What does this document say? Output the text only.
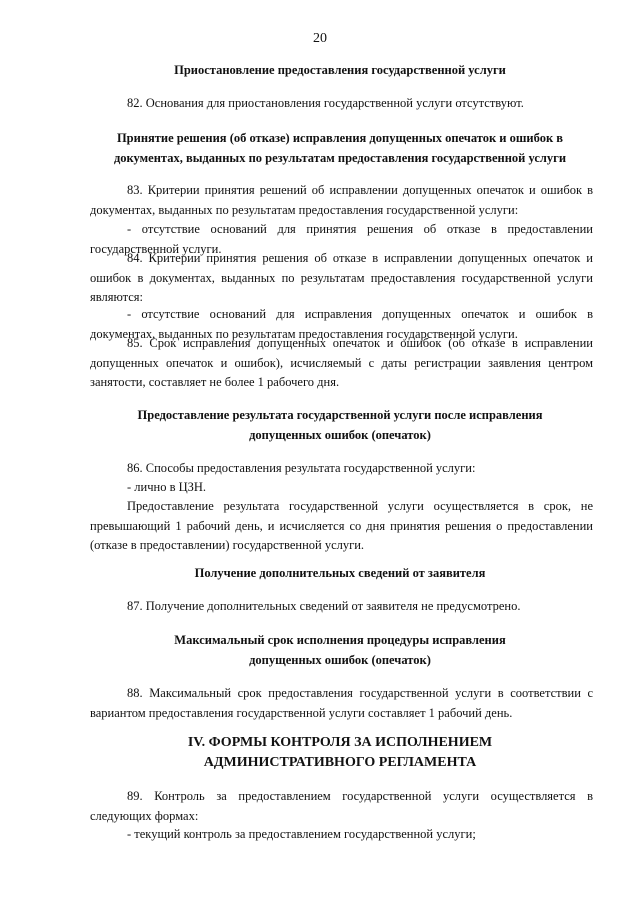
20
Приостановление предоставления государственной услуги
82. Основания для приостановления государственной услуги отсутствуют.
Принятие решения (об отказе) исправления допущенных опечаток и ошибок в
документах, выданных по результатам предоставления государственной услуги
83. Критерии принятия решений об исправлении допущенных опечаток и ошибок в документах, выданных по результатам предоставления государственной услуги:
- отсутствие оснований для принятия решения об отказе в предоставлении государственной услуги.
84. Критерии принятия решения об отказе в исправлении допущенных опечаток и ошибок в документах, выданных по результатам предоставления государственной услуги являются:
- отсутствие оснований для исправления допущенных опечаток и ошибок в документах, выданных по результатам предоставления государственной услуги.
85. Срок исправления допущенных опечаток и ошибок (об отказе в исправлении допущенных опечаток и ошибок), исчисляемый с даты регистрации заявления центром занятости, составляет не более 1 рабочего дня.
Предоставление результата государственной услуги после исправления
допущенных ошибок (опечаток)
86. Способы предоставления результата государственной услуги:
- лично в ЦЗН.
Предоставление результата государственной услуги осуществляется в срок, не превышающий 1 рабочий день, и исчисляется со дня принятия решения о предоставлении (отказе в предоставлении) государственной услуги.
Получение дополнительных сведений от заявителя
87. Получение дополнительных сведений от заявителя не предусмотрено.
Максимальный срок исполнения процедуры исправления
допущенных ошибок (опечаток)
88. Максимальный срок предоставления государственной услуги в соответствии с вариантом предоставления государственной услуги составляет 1 рабочий день.
IV. ФОРМЫ КОНТРОЛЯ ЗА ИСПОЛНЕНИЕМ
АДМИНИСТРАТИВНОГО РЕГЛАМЕНТА
89. Контроль за предоставлением государственной услуги осуществляется в следующих формах:
- текущий контроль за предоставлением государственной услуги;
